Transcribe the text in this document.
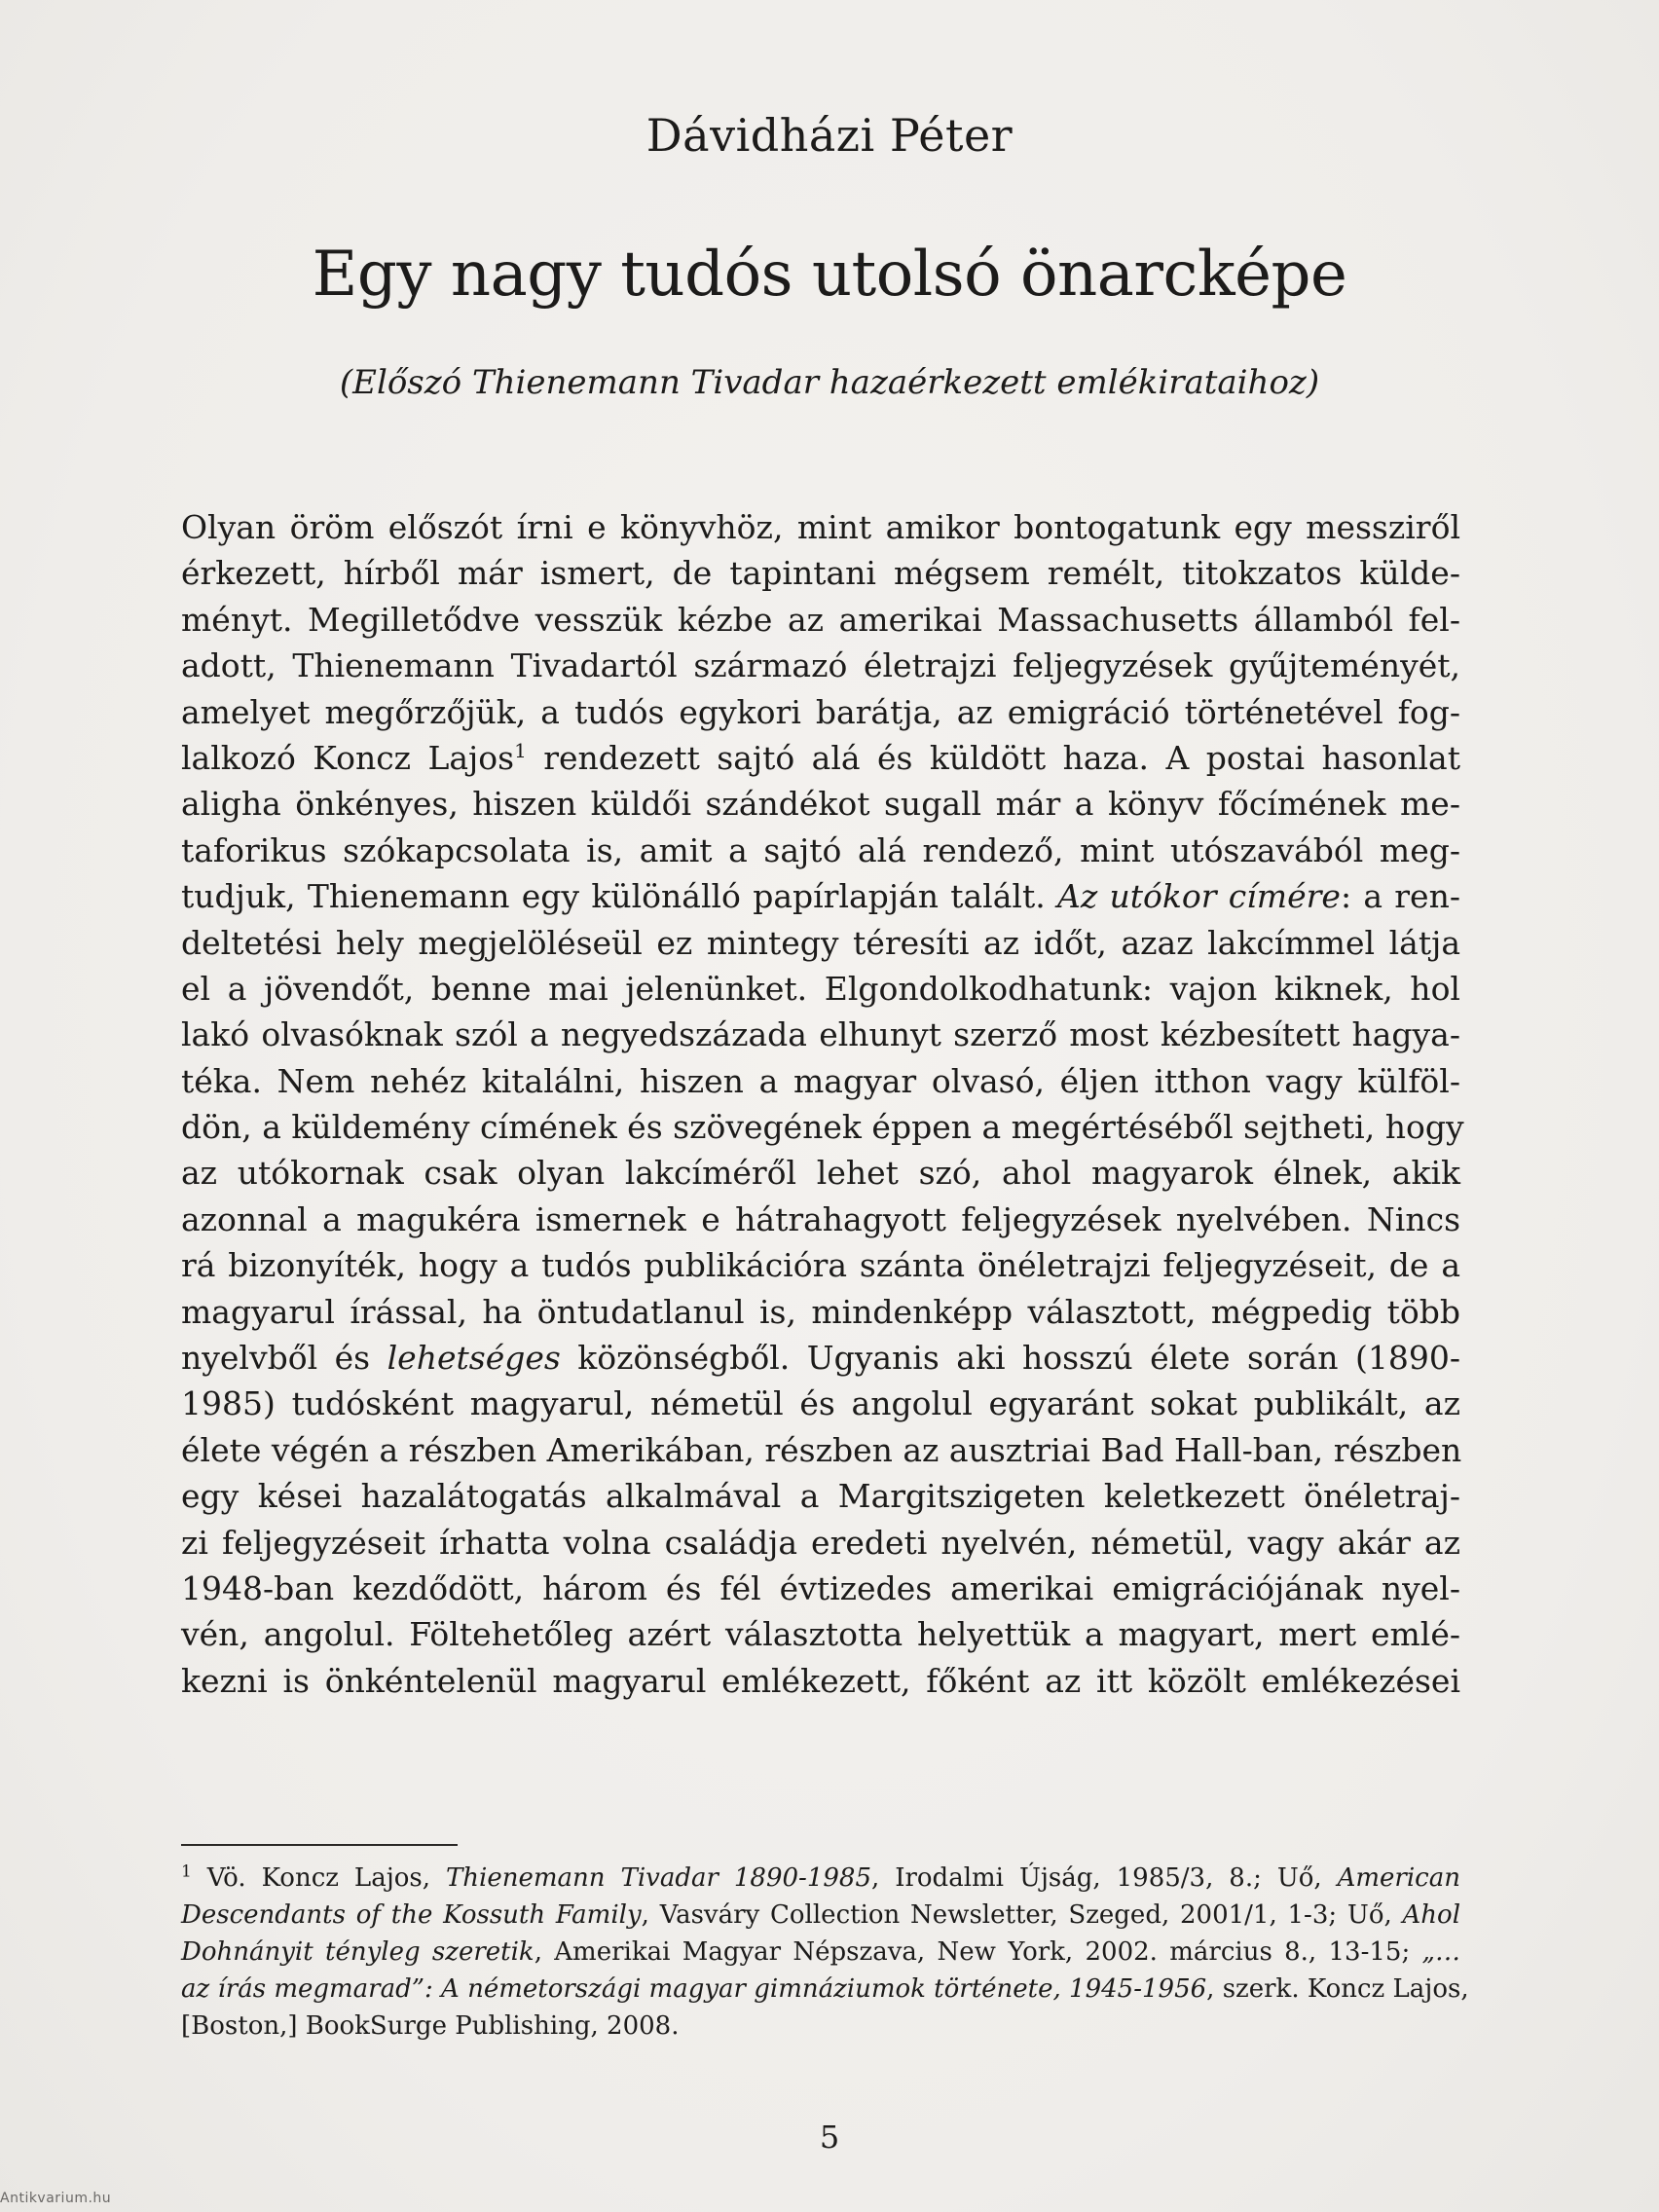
Dávidházi Péter
Egy nagy tudós utolsó önarcképe
(Előszó Thienemann Tivadar hazaérkezett emlékirataihoz)
Olyan öröm előszót írni e könyvhöz, mint amikor bontogatunk egy messziről
érkezett, hírből már ismert, de tapintani mégsem remélt, titokzatos külde-
ményt. Megilletődve vesszük kézbe az amerikai Massachusetts államból fel-
adott, Thienemann Tivadartól származó életrajzi feljegyzések gyűjteményét,
amelyet megőrzőjük, a tudós egykori barátja, az emigráció történetével fog-
lalkozó Koncz Lajos$^1$ rendezett sajtó alá és küldött haza. A postai hasonlat
aligha önkényes, hiszen küldői szándékot sugall már a könyv főcímének me-
taforikus szókapcsolata is, amit a sajtó alá rendező, mint utószavából meg-
tudjuk, Thienemann egy különálló papírlapján talált. Az utókor címére: a ren-
deltetési hely megjelöléseül ez mintegy téresíti az időt, azaz lakcímmel látja
el a jövendőt, benne mai jelenünket. Elgondolkodhatunk: vajon kiknek, hol
lakó olvasóknak szól a negyedszázada elhunyt szerző most kézbesített hagya-
téka. Nem nehéz kitalálni, hiszen a magyar olvasó, éljen itthon vagy külföl-
dön, a küldemény címének és szövegének éppen a megértéséből sejtheti, hogy
az utókornak csak olyan lakcíméről lehet szó, ahol magyarok élnek, akik
azonnal a magukéra ismernek e hátrahagyott feljegyzések nyelvében. Nincs
rá bizonyíték, hogy a tudós publikációra szánta önéletrajzi feljegyzéseit, de a
magyarul írással, ha öntudatlanul is, mindenképp választott, mégpedig több
nyelvből és lehetséges közönségből. Ugyanis aki hosszú élete során (1890-
1985) tudósként magyarul, németül és angolul egyaránt sokat publikált, az
élete végén a részben Amerikában, részben az ausztriai Bad Hall-ban, részben
egy kései hazalátogatás alkalmával a Margitszigeten keletkezett önéletraj-
zi feljegyzéseit írhatta volna családja eredeti nyelvén, németül, vagy akár az
1948-ban kezdődött, három és fél évtizedes amerikai emigrációjának nyel-
vén, angolul. Föltehetőleg azért választotta helyettük a magyart, mert emlé-
kezni is önkéntelenül magyarul emlékezett, főként az itt közölt emlékezései
$^1$ Vö. Koncz Lajos, Thienemann Tivadar 1890-1985, Irodalmi Újság, 1985/3, 8.; Uő, American
Descendants of the Kossuth Family, Vasváry Collection Newsletter, Szeged, 2001/1, 1-3; Uő, Ahol
Dohnányit tényleg szeretik, Amerikai Magyar Népszava, New York, 2002. március 8., 13-15; „…
az írás megmarad”: A németországi magyar gimnáziumok története, 1945-1956, szerk. Koncz Lajos,
[Boston,] BookSurge Publishing, 2008.
5
Antikvarium.hu
